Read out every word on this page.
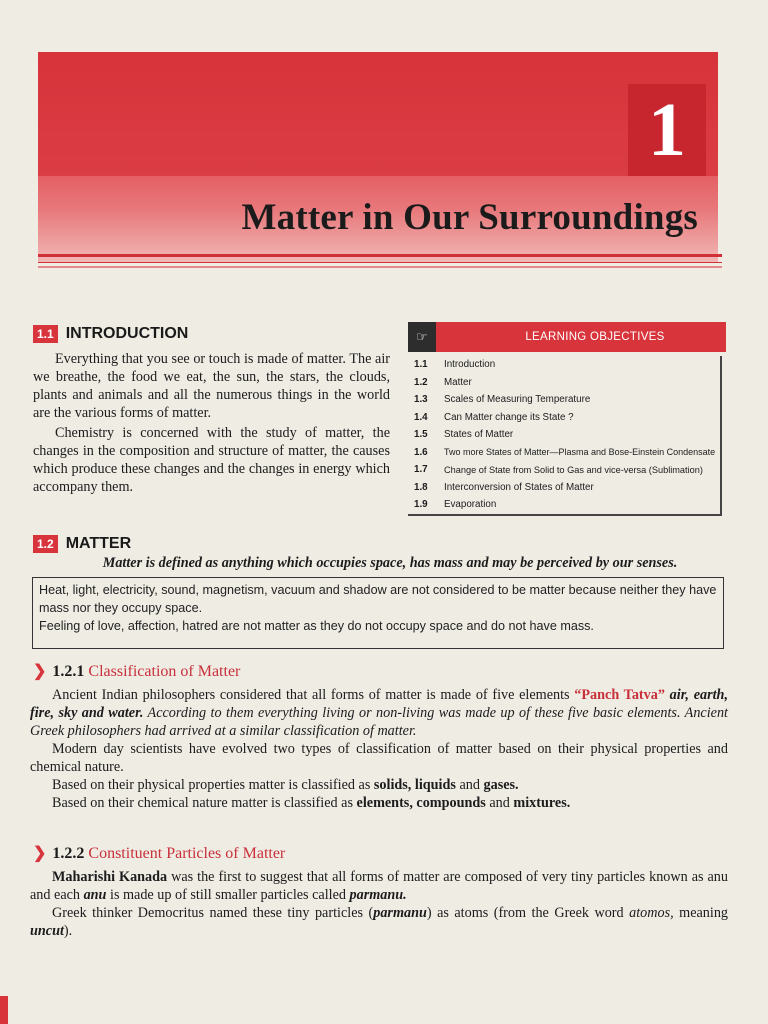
1
Matter in Our Surroundings
1.1 INTRODUCTION

Everything that you see or touch is made of matter. The air we breathe, the food we eat, the sun, the stars, the clouds, plants and animals and all the numerous things in the world are the various forms of matter.

Chemistry is concerned with the study of matter, the changes in the composition and structure of matter, the causes which produce these changes and the changes in energy which accompany them.

LEARNING OBJECTIVES
☞
1.1	Introduction
1.2	Matter
1.3	Scales of Measuring Temperature
1.4	Can Matter change its State ?
1.5	States of Matter
1.6	Two more States of Matter—Plasma and Bose-Einstein Condensate
1.7	Change of State from Solid to Gas and vice-versa (Sublimation)
1.8	Interconversion of States of Matter
1.9	Evaporation
1.2 MATTER
Matter is defined as anything which occupies space, has mass and may be perceived by our senses.

Heat, light, electricity, sound, magnetism, vacuum and shadow are not considered to be matter because neither they have mass nor they occupy space.

Feeling of love, affection, hatred are not matter as they do not occupy space and do not have mass.

❯ 1.2.1 Classification of Matter

Ancient Indian philosophers considered that all forms of matter is made of five elements “Panch Tatva” air, earth, fire, sky and water. According to them everything living or non-living was made up of these five basic elements. Ancient Greek philosophers had arrived at a similar classification of matter.

Modern day scientists have evolved two types of classification of matter based on their physical properties and chemical nature.

Based on their physical properties matter is classified as solids, liquids and gases.

Based on their chemical nature matter is classified as elements, compounds and mixtures.

❯ 1.2.2 Constituent Particles of Matter

Maharishi Kanada was the first to suggest that all forms of matter are composed of very tiny particles known as anu and each anu is made up of still smaller particles called parmanu.

Greek thinker Democritus named these tiny particles (parmanu) as atoms (from the Greek word atomos, meaning uncut).
